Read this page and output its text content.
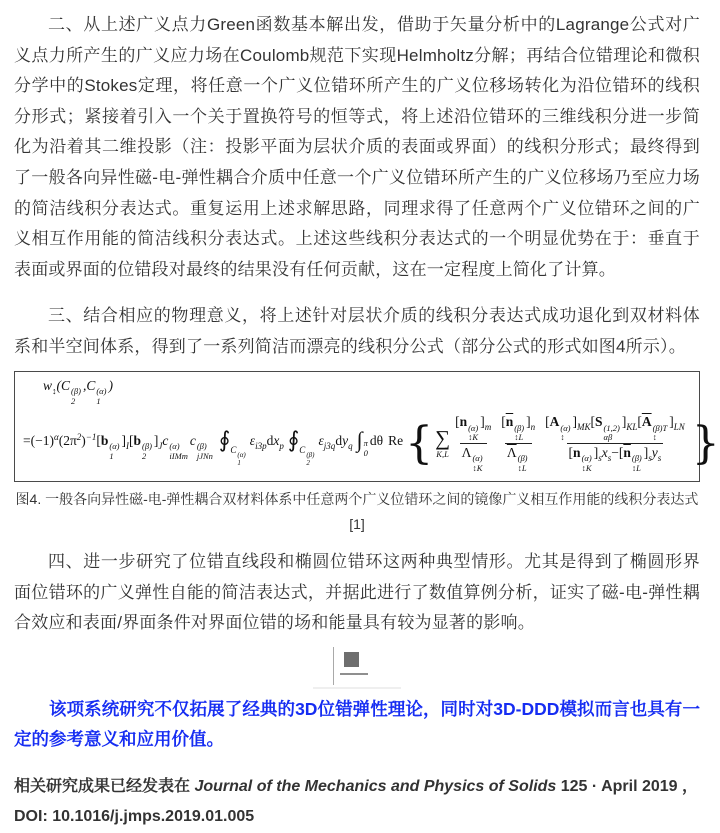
二、从上述广义点力Green函数基本解出发，借助于矢量分析中的Lagrange公式对广义点力所产生的广义应力场在Coulomb规范下实现Helmholtz分解；再结合位错理论和微积分学中的Stokes定理，将任意一个广义位错环所产生的广义位移场转化为沿位错环的线积分形式；紧接着引入一个关于置换符号的恒等式，将上述沿位错环的三维线积分进一步简化为沿着其二维投影（注：投影平面为层状介质的表面或界面）的线积分形式；最终得到了一般各向异性磁-电-弹性耦合介质中任意一个广义位错环所产生的广义位移场乃至应力场的简洁线积分表达式。重复运用上述求解思路，同理求得了任意两个广义位错环之间的广义相互作用能的简洁线积分表达式。上述这些线积分表达式的一个明显优势在于：垂直于表面或界面的位错段对最终的结果没有任何贡献，这在一定程度上简化了计算。

三、结合相应的物理意义，将上述针对层状介质的线积分表达式成功退化到双材料体系和半空间体系，得到了一系列简洁而漂亮的线积分公式（部分公式的形式如图4所示）。

$w_↕(C$ (β)
2
,C (α)
1
)
$=(-1)^\alpha(2\pi^2)^{-1}[b$ (α)
1
]$_I[b$ (β)
2
]$_Jc$ (α)
iIMm
c (β)
jJNn
$∮_{C (\alpha) 1}$
$\varepsilon_{i3p}dx_p$ $∮_{C (\beta) 2}$
$\varepsilon_{j3q}dy_q$ ∫ π
0
dθ Re { ∑
K,L [n (α)
↕K
]$_m$
Λ (α)
↕K [$\overline{n}$ (β)
↕L
]$_n$
$\overline{\Lambda}$ (β)
↕L [A (α)
↕
]$_{MK}[S$ (1,2)
αβ
]$_{KL}[\overline{A}$ (β)T
↕
]$_{LN}$
[n (α)
↕K
]$_sx_s-[\overline{n}$ (β)
↕L
]$_sy_s$ }
图4. 一般各向异性磁-电-弹性耦合双材料体系中任意两个广义位错环之间的镜像广义相互作用能的线积分表达式[1]

四、进一步研究了位错直线段和椭圆位错环这两种典型情形。尤其是得到了椭圆形界面位错环的广义弹性自能的简洁表达式，并据此进行了数值算例分析，证实了磁-电-弹性耦合效应和表面/界面条件对界面位错的场和能量具有较为显著的影响。

该项系统研究不仅拓展了经典的3D位错弹性理论，同时对3D-DDD模拟而言也具有一定的参考意义和应用价值。

相关研究成果已经发表在 Journal of the Mechanics and Physics of Solids 125 · April 2019 ，
DOI: 10.1016/j.jmps.2019.01.005
